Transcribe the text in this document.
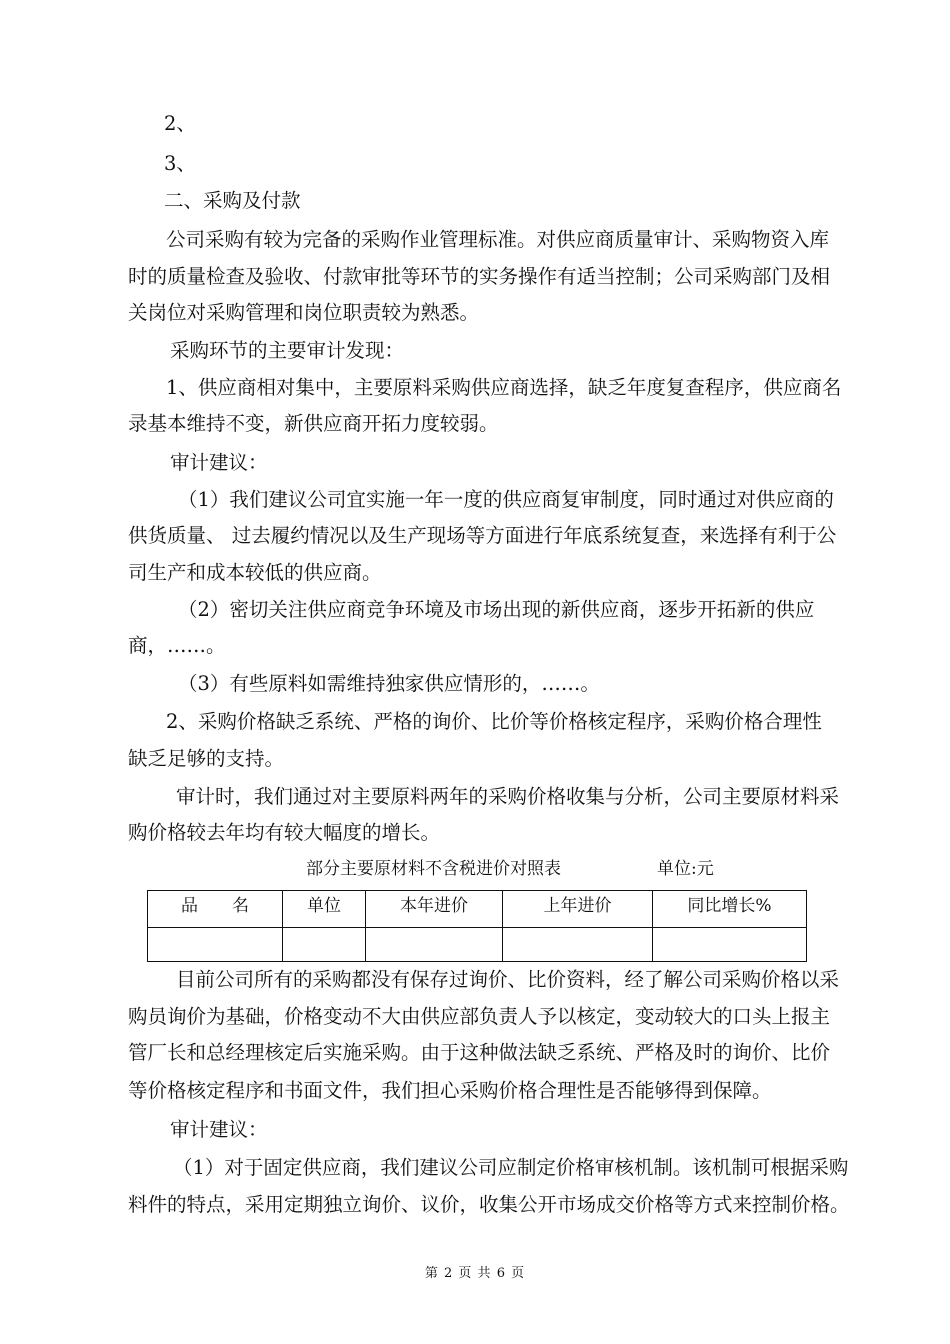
2、
3、
二、采购及付款
公司采购有较为完备的采购作业管理标准。对供应商质量审计、采购物资入库
时的质量检查及验收、付款审批等环节的实务操作有适当控制；公司采购部门及相
关岗位对采购管理和岗位职责较为熟悉。
采购环节的主要审计发现：
1、供应商相对集中，主要原料采购供应商选择，缺乏年度复查程序，供应商名
录基本维持不变，新供应商开拓力度较弱。
审计建议：
（1）我们建议公司宜实施一年一度的供应商复审制度，同时通过对供应商的
供货质量、 过去履约情况以及生产现场等方面进行年底系统复查，来选择有利于公
司生产和成本较低的供应商。
（2）密切关注供应商竞争环境及市场出现的新供应商，逐步开拓新的供应
商，……。
（3）有些原料如需维持独家供应情形的，……。
2、采购价格缺乏系统、严格的询价、比价等价格核定程序，采购价格合理性
缺乏足够的支持。
审计时，我们通过对主要原料两年的采购价格收集与分析，公司主要原材料采
购价格较去年均有较大幅度的增长。
部分主要原材料不含税进价对照表	单位:元
品　　名	单位	本年进价	上年进价	同比增长%

目前公司所有的采购都没有保存过询价、比价资料，经了解公司采购价格以采
购员询价为基础，价格变动不大由供应部负责人予以核定，变动较大的口头上报主
管厂长和总经理核定后实施采购。由于这种做法缺乏系统、严格及时的询价、比价
等价格核定程序和书面文件，我们担心采购价格合理性是否能够得到保障。
审计建议：
（1）对于固定供应商，我们建议公司应制定价格审核机制。该机制可根据采购
料件的特点，采用定期独立询价、议价，收集公开市场成交价格等方式来控制价格。
第 2 页 共 6 页
